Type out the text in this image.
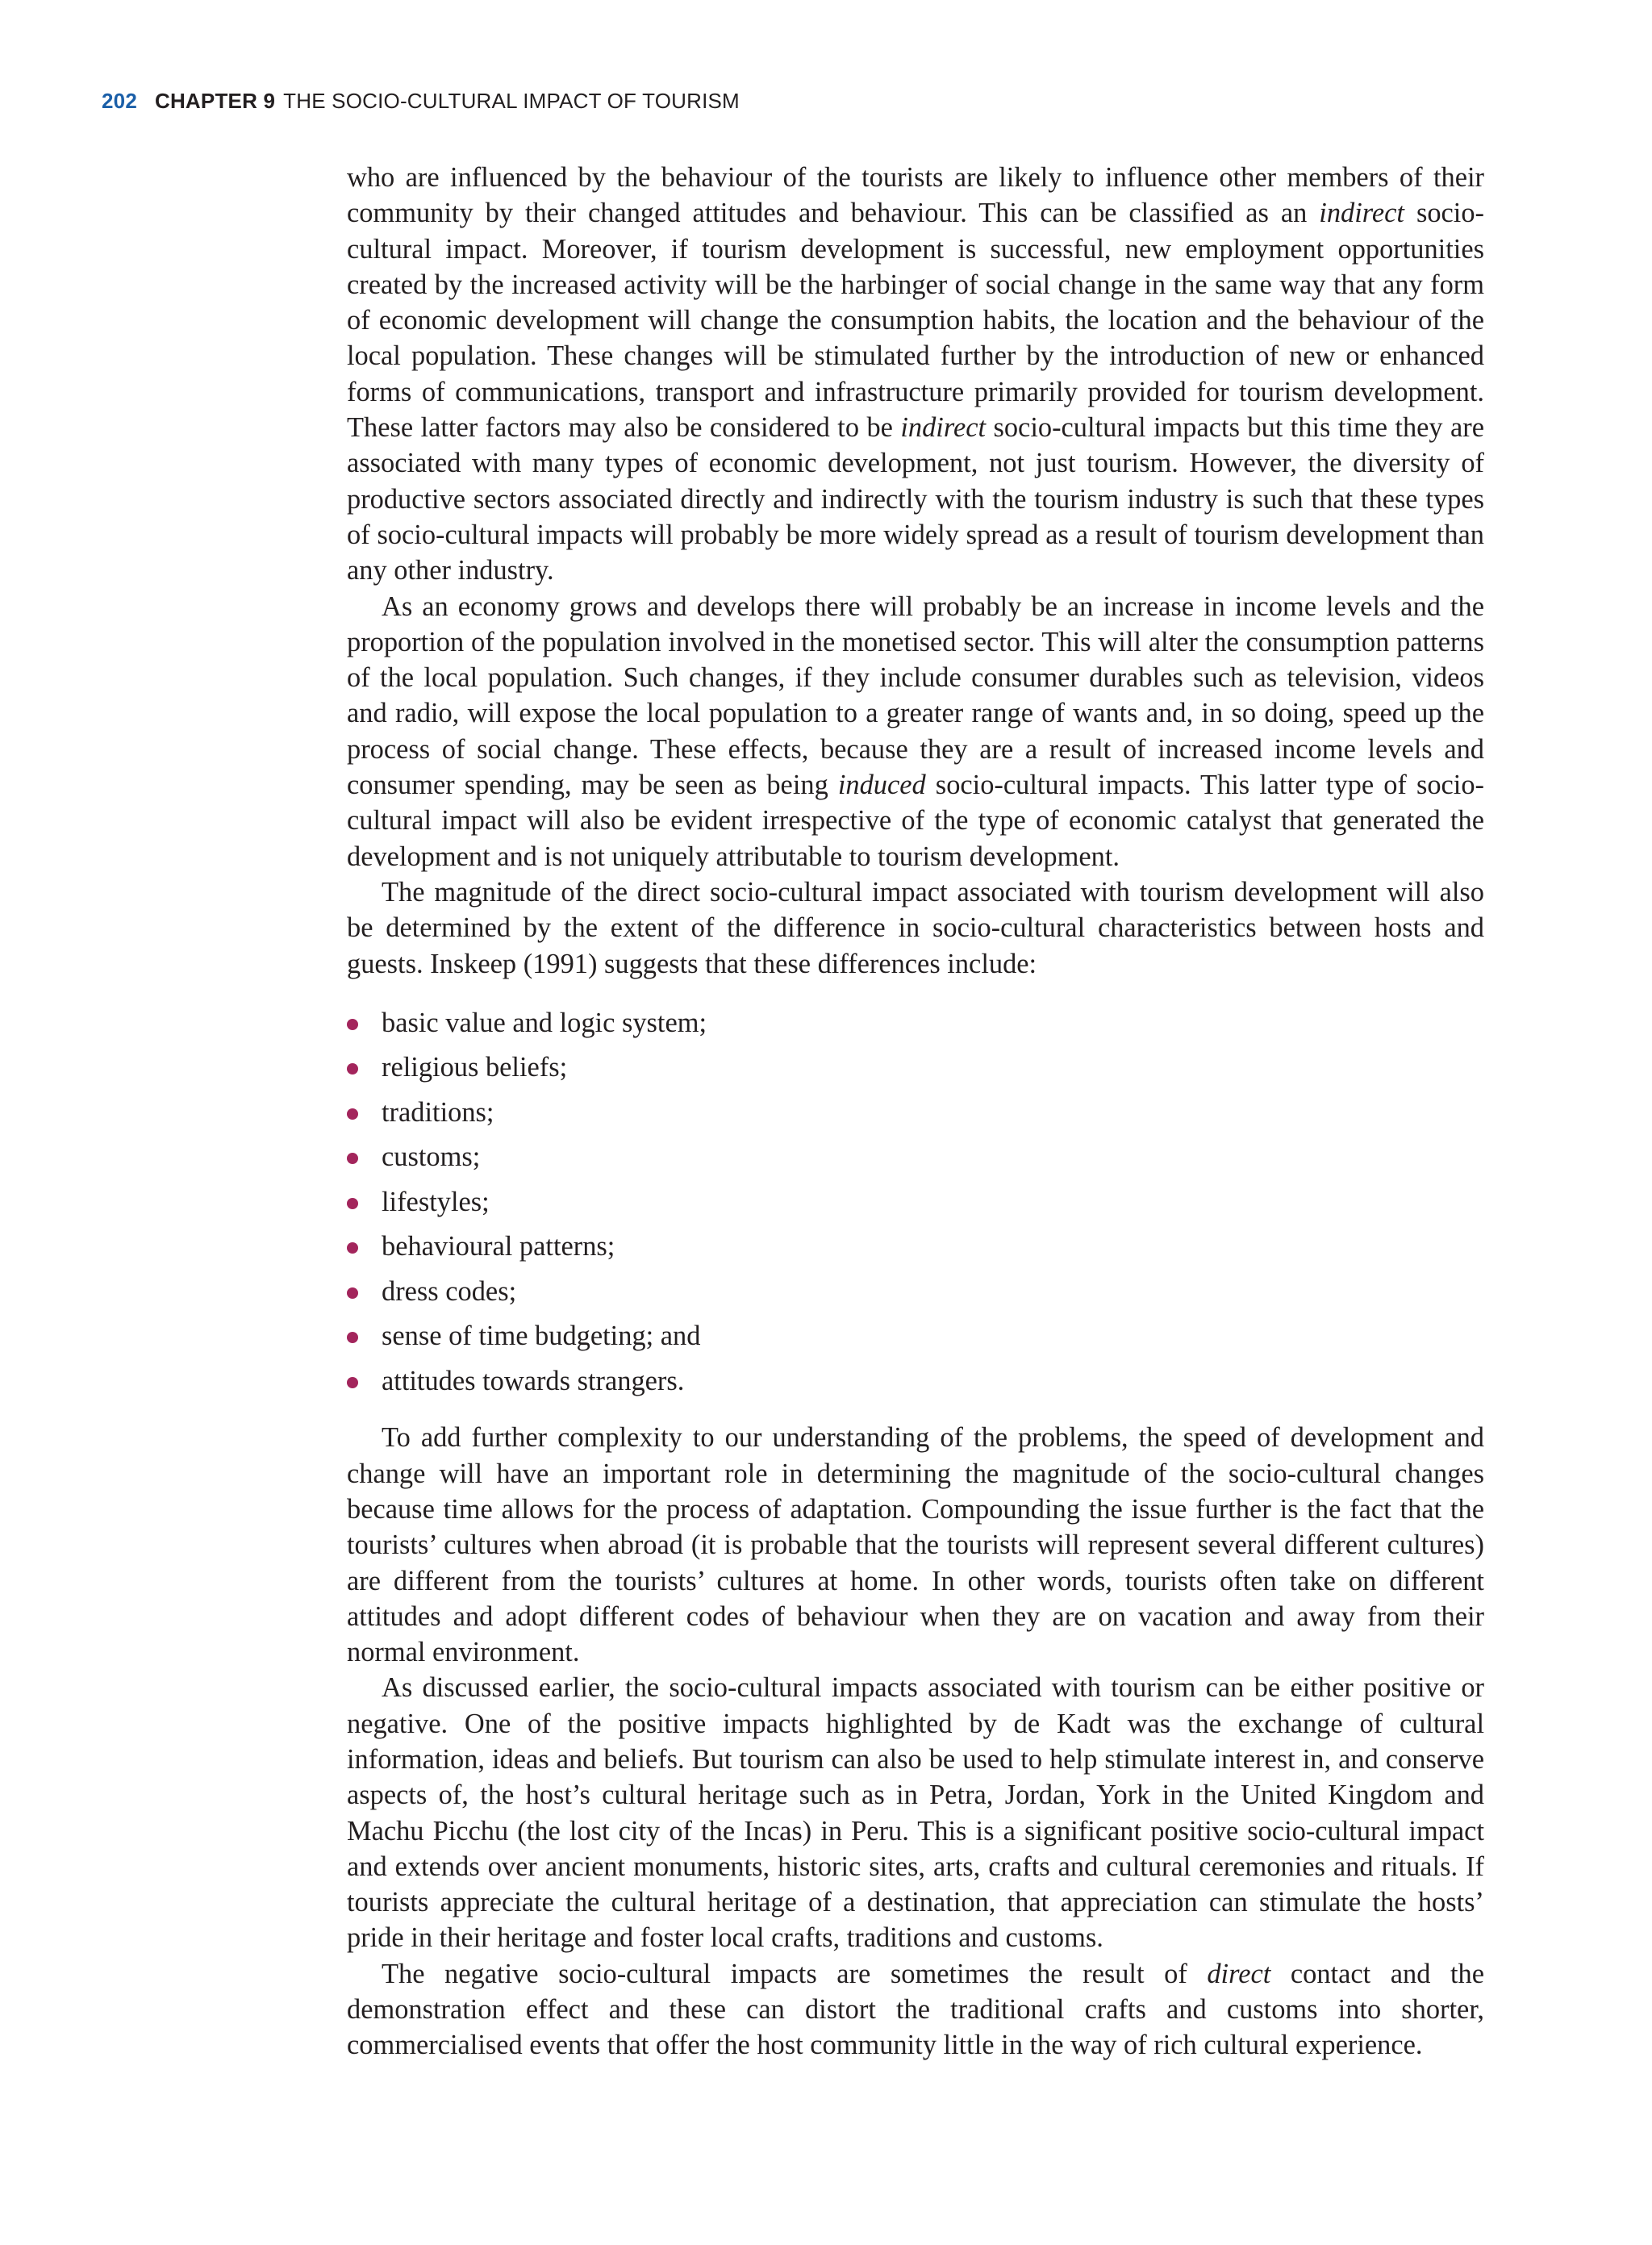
202 CHAPTER 9 THE SOCIO-CULTURAL IMPACT OF TOURISM

who are influenced by the behaviour of the tourists are likely to influence other members of their community by their changed attitudes and behaviour. This can be classified as an indirect socio-cultural impact. Moreover, if tourism development is successful, new employment opportunities created by the increased activity will be the harbinger of social change in the same way that any form of economic development will change the consumption habits, the location and the behaviour of the local population. These changes will be stimulated further by the introduction of new or enhanced forms of communications, transport and infrastructure primarily provided for tourism development. These latter factors may also be considered to be indirect socio-cultural impacts but this time they are associated with many types of economic development, not just tourism. However, the diversity of productive sectors associated directly and indirectly with the tourism industry is such that these types of socio-cultural impacts will probably be more widely spread as a result of tourism development than any other industry.

As an economy grows and develops there will probably be an increase in income levels and the proportion of the population involved in the monetised sector. This will alter the consumption patterns of the local population. Such changes, if they include consumer durables such as television, videos and radio, will expose the local population to a greater range of wants and, in so doing, speed up the process of social change. These effects, because they are a result of increased income levels and consumer spending, may be seen as being induced socio-cultural impacts. This latter type of socio-cultural impact will also be evident irrespective of the type of economic catalyst that generated the development and is not uniquely attributable to tourism development.

The magnitude of the direct socio-cultural impact associated with tourism development will also be determined by the extent of the difference in socio-cultural characteristics between hosts and guests. Inskeep (1991) suggests that these differences include:

basic value and logic system;
religious beliefs;
traditions;
customs;
lifestyles;
behavioural patterns;
dress codes;
sense of time budgeting; and
attitudes towards strangers.

To add further complexity to our understanding of the problems, the speed of development and change will have an important role in determining the magnitude of the socio-cultural changes because time allows for the process of adaptation. Compounding the issue further is the fact that the tourists’ cultures when abroad (it is probable that the tourists will represent several different cultures) are different from the tourists’ cultures at home. In other words, tourists often take on different attitudes and adopt different codes of behaviour when they are on vacation and away from their normal environment.

As discussed earlier, the socio-cultural impacts associated with tourism can be either positive or negative. One of the positive impacts highlighted by de Kadt was the exchange of cultural information, ideas and beliefs. But tourism can also be used to help stimulate interest in, and conserve aspects of, the host’s cultural heritage such as in Petra, Jordan, York in the United Kingdom and Machu Picchu (the lost city of the Incas) in Peru. This is a significant positive socio-cultural impact and extends over ancient monuments, historic sites, arts, crafts and cultural ceremonies and rituals. If tourists appreciate the cultural heritage of a destination, that appreciation can stimulate the hosts’ pride in their heritage and foster local crafts, traditions and customs.

The negative socio-cultural impacts are sometimes the result of direct contact and the demonstration effect and these can distort the traditional crafts and customs into shorter, commercialised events that offer the host community little in the way of rich cultural experience.
